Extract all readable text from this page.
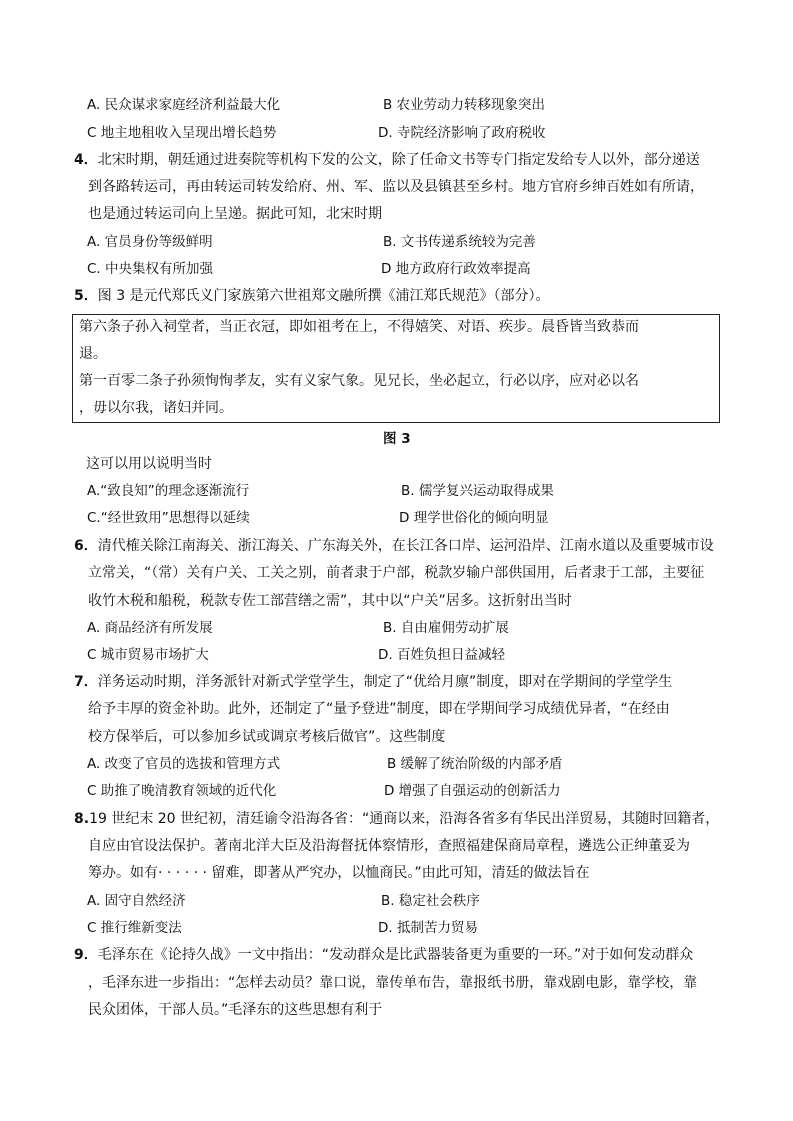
A. 民众谋求家庭经济利益最大化	B 农业劳动力转移现象突出
C 地主地租收入呈现出增长趋势	D. 寺院经济影响了政府税收
4．北宋时期，朝廷通过进奏院等机构下发的公文，除了任命文书等专门指定发给专人以外，部分递送
到各路转运司，再由转运司转发给府、州、军、监以及县镇甚至乡村。地方官府乡绅百姓如有所请，
也是通过转运司向上呈递。据此可知，北宋时期
A. 官员身份等级鲜明	B. 文书传递系统较为完善
C. 中央集权有所加强	D 地方政府行政效率提高
5．图 3 是元代郑氏义门家族第六世祖郑文融所撰《浦江郑氏规范》（部分）。
第六条子孙入祠堂者，当正衣冠，即如祖考在上，不得嬉笑、对语、疾步。晨昏皆当致恭而
退。
第一百零二条子孙须恂恂孝友，实有义家气象。见兄长，坐必起立，行必以序，应对必以名
，毋以尔我，诸妇并同。
图 3
这可以用以说明当时
A.“致良知”的理念逐渐流行	B. 儒学复兴运动取得成果
C.“经世致用”思想得以延续	D 理学世俗化的倾向明显
6．清代榷关除江南海关、浙江海关、广东海关外，在长江各口岸、运河沿岸、江南水道以及重要城市设
立常关，“（常）关有户关、工关之别，前者隶于户部，税款岁输户部供国用，后者隶于工部，主要征
收竹木税和船税，税款专佐工部营缮之需”，其中以“户关”居多。这折射出当时
A. 商品经济有所发展	B. 自由雇佣劳动扩展
C 城市贸易市场扩大	D. 百姓负担日益减轻
7．洋务运动时期，洋务派针对新式学堂学生，制定了“优给月廪”制度，即对在学期间的学堂学生
给予丰厚的资金补助。此外，还制定了“量予登进”制度，即在学期间学习成绩优异者，“在经由
校方保举后，可以参加乡试或调京考核后做官”。这些制度
A. 改变了官员的选拔和管理方式	B 缓解了统治阶级的内部矛盾
C 助推了晚清教育领域的近代化	D 增强了自强运动的创新活力
8.19 世纪末 20 世纪初，清廷谕令沿海各省：“通商以来，沿海各省多有华民出洋贸易，其随时回籍者，
自应由官设法保护。著南北洋大臣及沿海督抚体察情形，查照福建保商局章程，遴选公正绅董妥为
筹办。如有· · · · · · 留难，即著从严究办，以恤商民。”由此可知，清廷的做法旨在
A. 固守自然经济	B. 稳定社会秩序
C 推行维新变法	D. 抵制苦力贸易
9．毛泽东在《论持久战》一文中指出：“发动群众是比武器装备更为重要的一环。”对于如何发动群众
，毛泽东进一步指出：“怎样去动员？靠口说，靠传单布告，靠报纸书册，靠戏剧电影，靠学校，靠
民众团体，干部人员。”毛泽东的这些思想有利于
